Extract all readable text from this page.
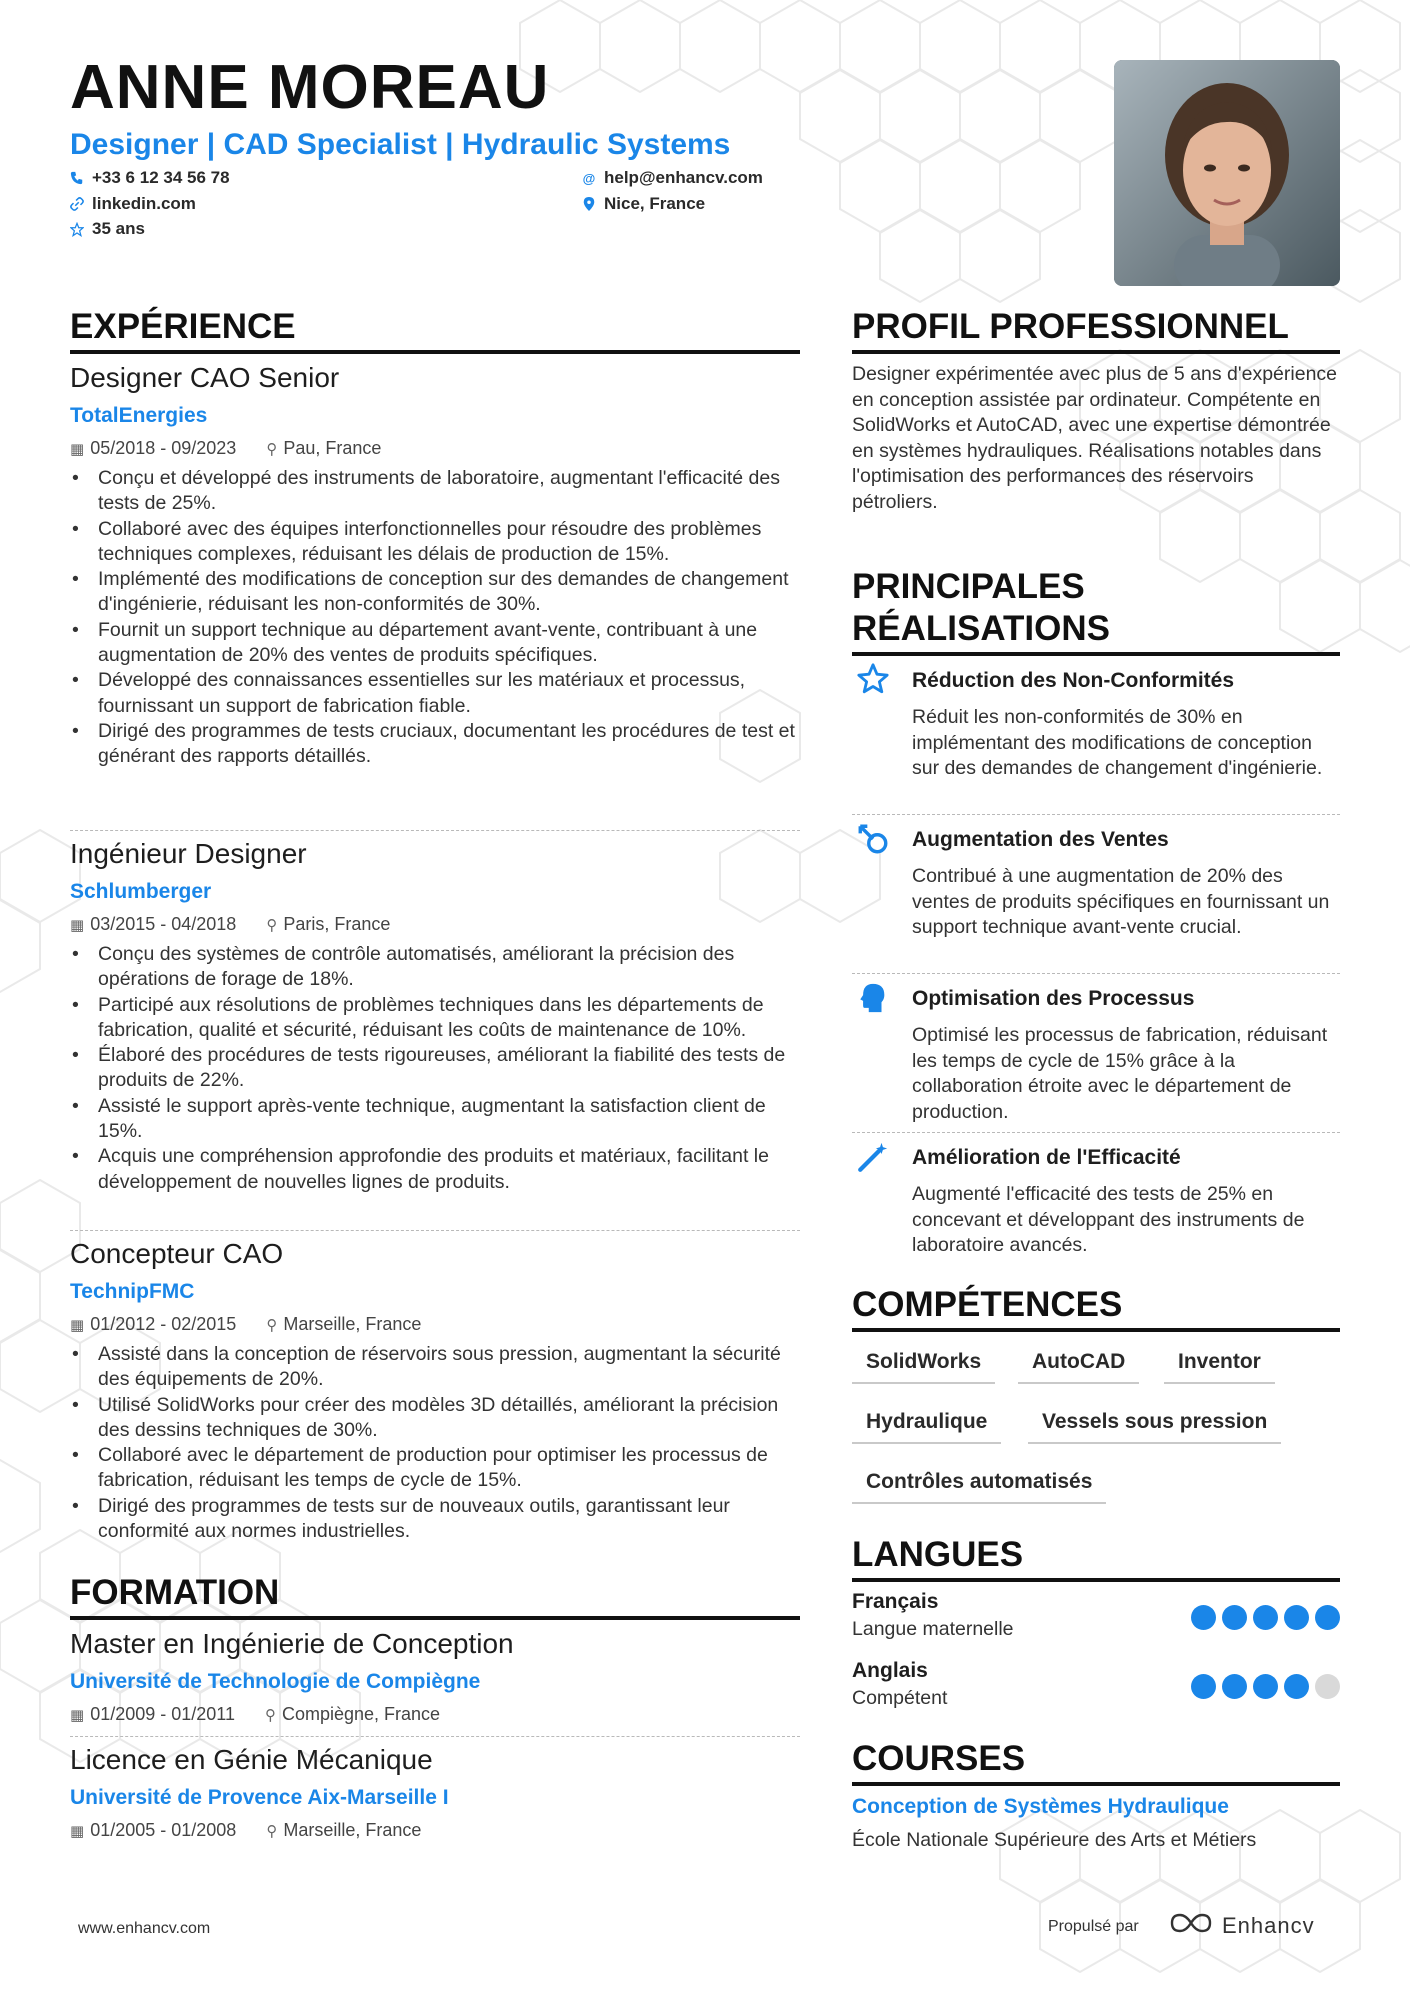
ANNE MOREAU
Designer | CAD Specialist | Hydraulic Systems
+33 6 12 34 56 78	@ help@enhancv.com
linkedin.com	Nice, France
35 ans
EXPÉRIENCE
Designer CAO Senior
TotalEnergies
▦ 05/2018 - 09/2023 ⚲ Pau, France
• Conçu et développé des instruments de laboratoire, augmentant l'efficacité des tests de 25%.
• Collaboré avec des équipes interfonctionnelles pour résoudre des problèmes techniques complexes, réduisant les délais de production de 15%.
• Implémenté des modifications de conception sur des demandes de changement d'ingénierie, réduisant les non-conformités de 30%.
• Fournit un support technique au département avant-vente, contribuant à une augmentation de 20% des ventes de produits spécifiques.
• Développé des connaissances essentielles sur les matériaux et processus, fournissant un support de fabrication fiable.
• Dirigé des programmes de tests cruciaux, documentant les procédures de test et générant des rapports détaillés.
Ingénieur Designer
Schlumberger
▦ 03/2015 - 04/2018 ⚲ Paris, France
• Conçu des systèmes de contrôle automatisés, améliorant la précision des opérations de forage de 18%.
• Participé aux résolutions de problèmes techniques dans les départements de fabrication, qualité et sécurité, réduisant les coûts de maintenance de 10%.
• Élaboré des procédures de tests rigoureuses, améliorant la fiabilité des tests de produits de 22%.
• Assisté le support après-vente technique, augmentant la satisfaction client de 15%.
• Acquis une compréhension approfondie des produits et matériaux, facilitant le développement de nouvelles lignes de produits.
Concepteur CAO
TechnipFMC
▦ 01/2012 - 02/2015 ⚲ Marseille, France
• Assisté dans la conception de réservoirs sous pression, augmentant la sécurité des équipements de 20%.
• Utilisé SolidWorks pour créer des modèles 3D détaillés, améliorant la précision des dessins techniques de 30%.
• Collaboré avec le département de production pour optimiser les processus de fabrication, réduisant les temps de cycle de 15%.
• Dirigé des programmes de tests sur de nouveaux outils, garantissant leur conformité aux normes industrielles.
FORMATION
Master en Ingénierie de Conception
Université de Technologie de Compiègne
▦ 01/2009 - 01/2011 ⚲ Compiègne, France
Licence en Génie Mécanique
Université de Provence Aix-Marseille I
▦ 01/2005 - 01/2008 ⚲ Marseille, France
PROFIL PROFESSIONNEL
Designer expérimentée avec plus de 5 ans d'expérience en conception assistée par ordinateur. Compétente en SolidWorks et AutoCAD, avec une expertise démontrée en systèmes hydrauliques. Réalisations notables dans l'optimisation des performances des réservoirs pétroliers.
PRINCIPALES RÉALISATIONS
Réduction des Non-Conformités
Réduit les non-conformités de 30% en implémentant des modifications de conception sur des demandes de changement d'ingénierie.
Augmentation des Ventes
Contribué à une augmentation de 20% des ventes de produits spécifiques en fournissant un support technique avant-vente crucial.
Optimisation des Processus
Optimisé les processus de fabrication, réduisant les temps de cycle de 15% grâce à la collaboration étroite avec le département de production.
Amélioration de l'Efficacité
Augmenté l'efficacité des tests de 25% en concevant et développant des instruments de laboratoire avancés.
COMPÉTENCES
SolidWorks	AutoCAD	Inventor
Hydraulique	Vessels sous pression
Contrôles automatisés
LANGUES
Français
Langue maternelle
Anglais
Compétent
COURSES
Conception de Systèmes Hydraulique
École Nationale Supérieure des Arts et Métiers
www.enhancv.com	Propulsé par	Enhancv
